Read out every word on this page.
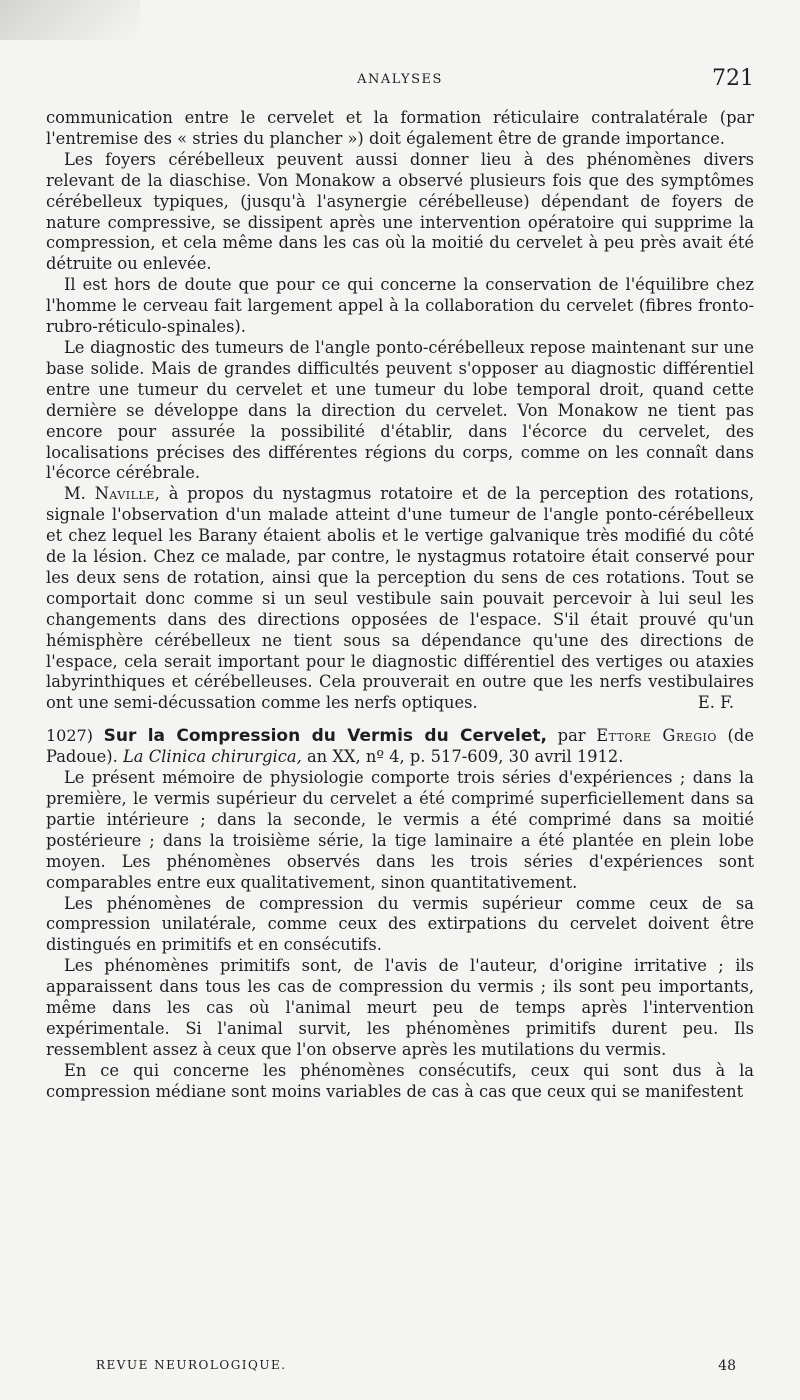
ANALYSES	721

communication entre le cervelet et la formation réticulaire contralatérale (par l'entremise des « stries du plancher ») doit également être de grande importance.

Les foyers cérébelleux peuvent aussi donner lieu à des phénomènes divers relevant de la diaschise. Von Monakow a observé plusieurs fois que des symptômes cérébelleux typiques, (jusqu'à l'asynergie cérébelleuse) dépendant de foyers de nature compressive, se dissipent après une intervention opératoire qui supprime la compression, et cela même dans les cas où la moitié du cervelet à peu près avait été détruite ou enlevée.

Il est hors de doute que pour ce qui concerne la conservation de l'équilibre chez l'homme le cerveau fait largement appel à la collaboration du cervelet (fibres fronto-rubro-réticulo-spinales).

Le diagnostic des tumeurs de l'angle ponto-cérébelleux repose maintenant sur une base solide. Mais de grandes difficultés peuvent s'opposer au diagnostic différentiel entre une tumeur du cervelet et une tumeur du lobe temporal droit, quand cette dernière se développe dans la direction du cervelet. Von Monakow ne tient pas encore pour assurée la possibilité d'établir, dans l'écorce du cervelet, des localisations précises des différentes régions du corps, comme on les connaît dans l'écorce cérébrale.

M. Naville, à propos du nystagmus rotatoire et de la perception des rotations, signale l'observation d'un malade atteint d'une tumeur de l'angle ponto-cérébelleux et chez lequel les Barany étaient abolis et le vertige galvanique très modifié du côté de la lésion. Chez ce malade, par contre, le nystagmus rotatoire était conservé pour les deux sens de rotation, ainsi que la perception du sens de ces rotations. Tout se comportait donc comme si un seul vestibule sain pouvait percevoir à lui seul les changements dans des directions opposées de l'espace. S'il était prouvé qu'un hémisphère cérébelleux ne tient sous sa dépendance qu'une des directions de l'espace, cela serait important pour le diagnostic différentiel des vertiges ou ataxies labyrinthiques et cérébelleuses. Cela prouverait en outre que les nerfs vestibulaires ont une semi-décussation comme les nerfs optiques.	E. F.

1027) Sur la Compression du Vermis du Cervelet, par Ettore Gregio (de Padoue). La Clinica chirurgica, an XX, nº 4, p. 517-609, 30 avril 1912.

Le présent mémoire de physiologie comporte trois séries d'expériences ; dans la première, le vermis supérieur du cervelet a été comprimé superficiellement dans sa partie intérieure ; dans la seconde, le vermis a été comprimé dans sa moitié postérieure ; dans la troisième série, la tige laminaire a été plantée en plein lobe moyen. Les phénomènes observés dans les trois séries d'expériences sont comparables entre eux qualitativement, sinon quantitativement.

Les phénomènes de compression du vermis supérieur comme ceux de sa compression unilatérale, comme ceux des extirpations du cervelet doivent être distingués en primitifs et en consécutifs.

Les phénomènes primitifs sont, de l'avis de l'auteur, d'origine irritative ; ils apparaissent dans tous les cas de compression du vermis ; ils sont peu importants, même dans les cas où l'animal meurt peu de temps après l'intervention expérimentale. Si l'animal survit, les phénomènes primitifs durent peu. Ils ressemblent assez à ceux que l'on observe après les mutilations du vermis.

En ce qui concerne les phénomènes consécutifs, ceux qui sont dus à la compression médiane sont moins variables de cas à cas que ceux qui se manifestent

REVUE NEUROLOGIQUE.	48
